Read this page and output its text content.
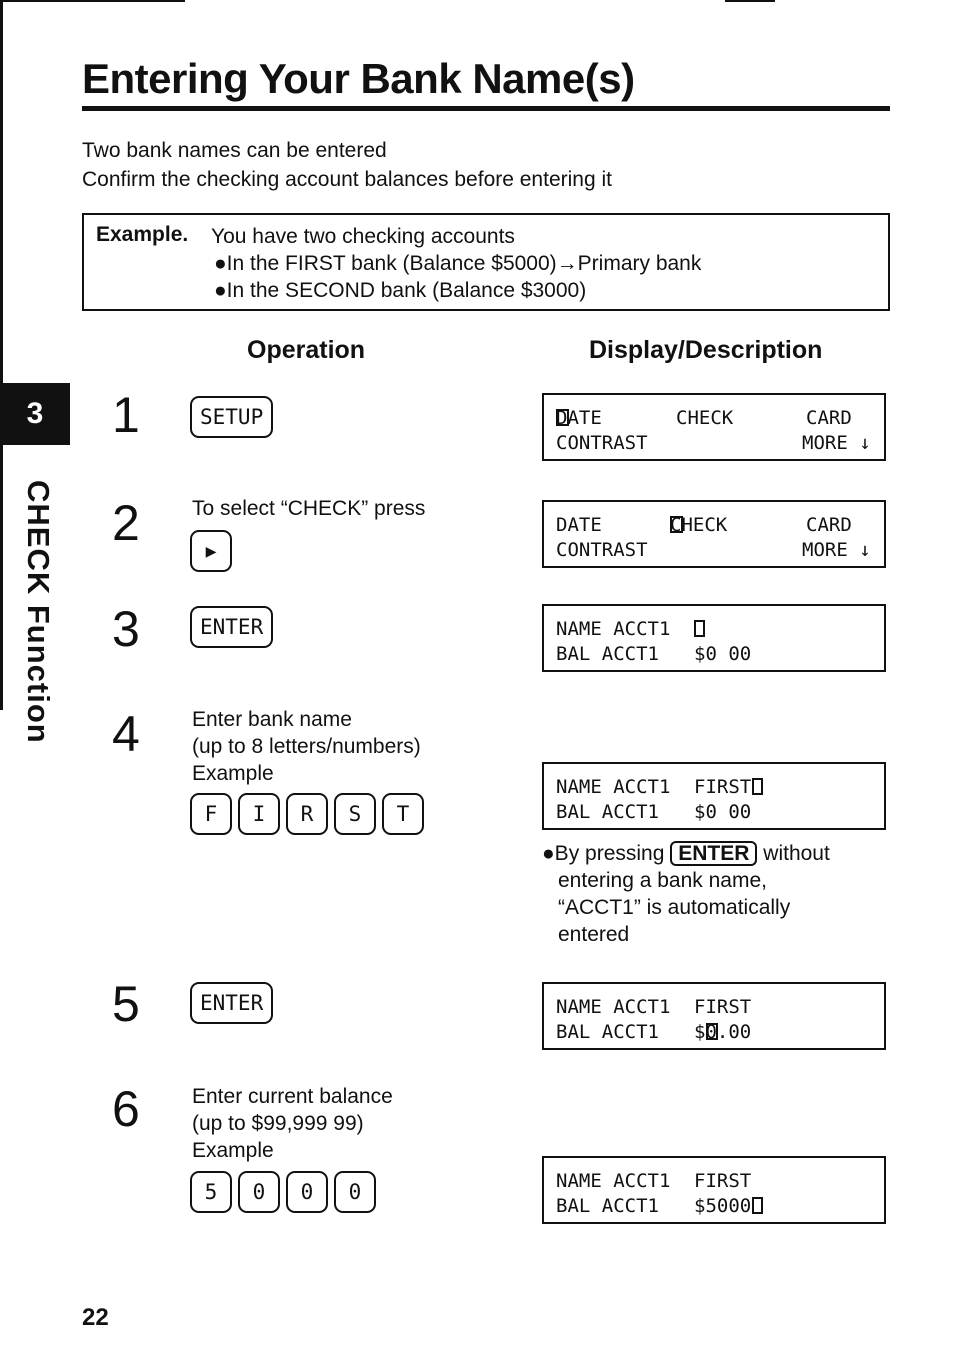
3
CHECK Function
Entering Your Bank Name(s)
Two bank names can be entered
Confirm the checking account balances before entering it
Example. You have two checking accounts
●In the FIRST bank (Balance $5000)→Primary bank
●In the SECOND bank (Balance $3000)
Operation	Display/Description
1	SETUP	DATE	CHECK	CARD
CONTRAST	MORE ↓
2 To select “CHECK” press
▶
DATE	CHECK	CARD
CONTRAST	MORE ↓
3	ENTER	NAME ACCT1
BAL ACCT1 $0 00
4 Enter bank name
(up to 8 letters/numbers)
Example
F	I	R	S	T
NAME ACCT1 FIRST
BAL ACCT1 $0 00
●By pressing ENTER without
entering a bank name,
“ACCT1” is automatically
entered
5	ENTER	NAME ACCT1 FIRST
BAL ACCT1 $0.00
6 Enter current balance
(up to $99,999 99)
Example
5	0	0	0	NAME ACCT1 FIRST
BAL ACCT1 $5000
22
